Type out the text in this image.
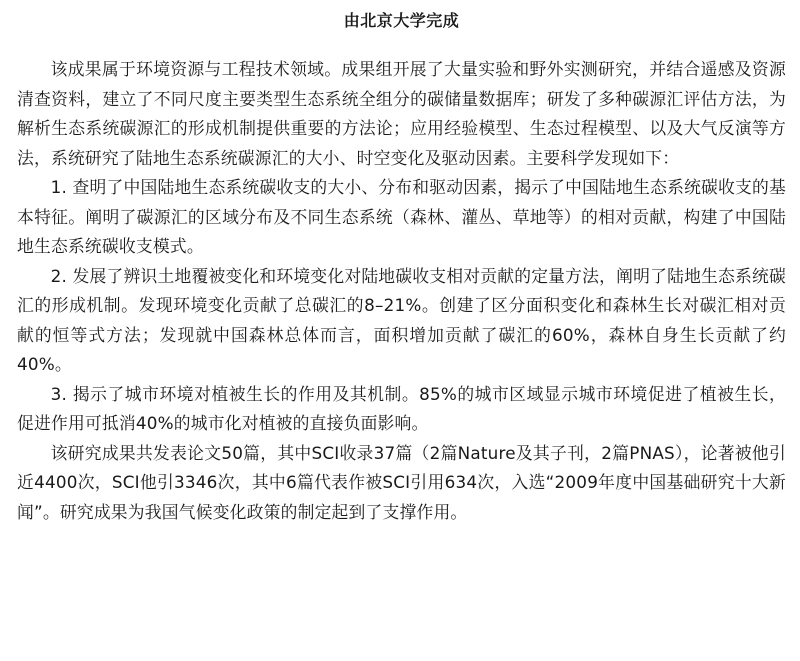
由北京大学完成

该成果属于环境资源与工程技术领域。成果组开展了大量实验和野外实测研究，并结合遥感及资源清查资料，建立了不同尺度主要类型生态系统全组分的碳储量数据库；研发了多种碳源汇评估方法，为解析生态系统碳源汇的形成机制提供重要的方法论；应用经验模型、生态过程模型、以及大气反演等方法，系统研究了陆地生态系统碳源汇的大小、时空变化及驱动因素。主要科学发现如下：

1. 查明了中国陆地生态系统碳收支的大小、分布和驱动因素，揭示了中国陆地生态系统碳收支的基本特征。阐明了碳源汇的区域分布及不同生态系统（森林、灌丛、草地等）的相对贡献，构建了中国陆地生态系统碳收支模式。

2. 发展了辨识土地覆被变化和环境变化对陆地碳收支相对贡献的定量方法，阐明了陆地生态系统碳汇的形成机制。发现环境变化贡献了总碳汇的8–21%。创建了区分面积变化和森林生长对碳汇相对贡献的恒等式方法；发现就中国森林总体而言，面积增加贡献了碳汇的60%，森林自身生长贡献了约40%。

3. 揭示了城市环境对植被生长的作用及其机制。85%的城市区域显示城市环境促进了植被生长，促进作用可抵消40%的城市化对植被的直接负面影响。

该研究成果共发表论文50篇，其中SCI收录37篇（2篇Nature及其子刊，2篇PNAS），论著被他引近4400次，SCI他引3346次，其中6篇代表作被SCI引用634次，入选“2009年度中国基础研究十大新闻”。研究成果为我国气候变化政策的制定起到了支撑作用。
